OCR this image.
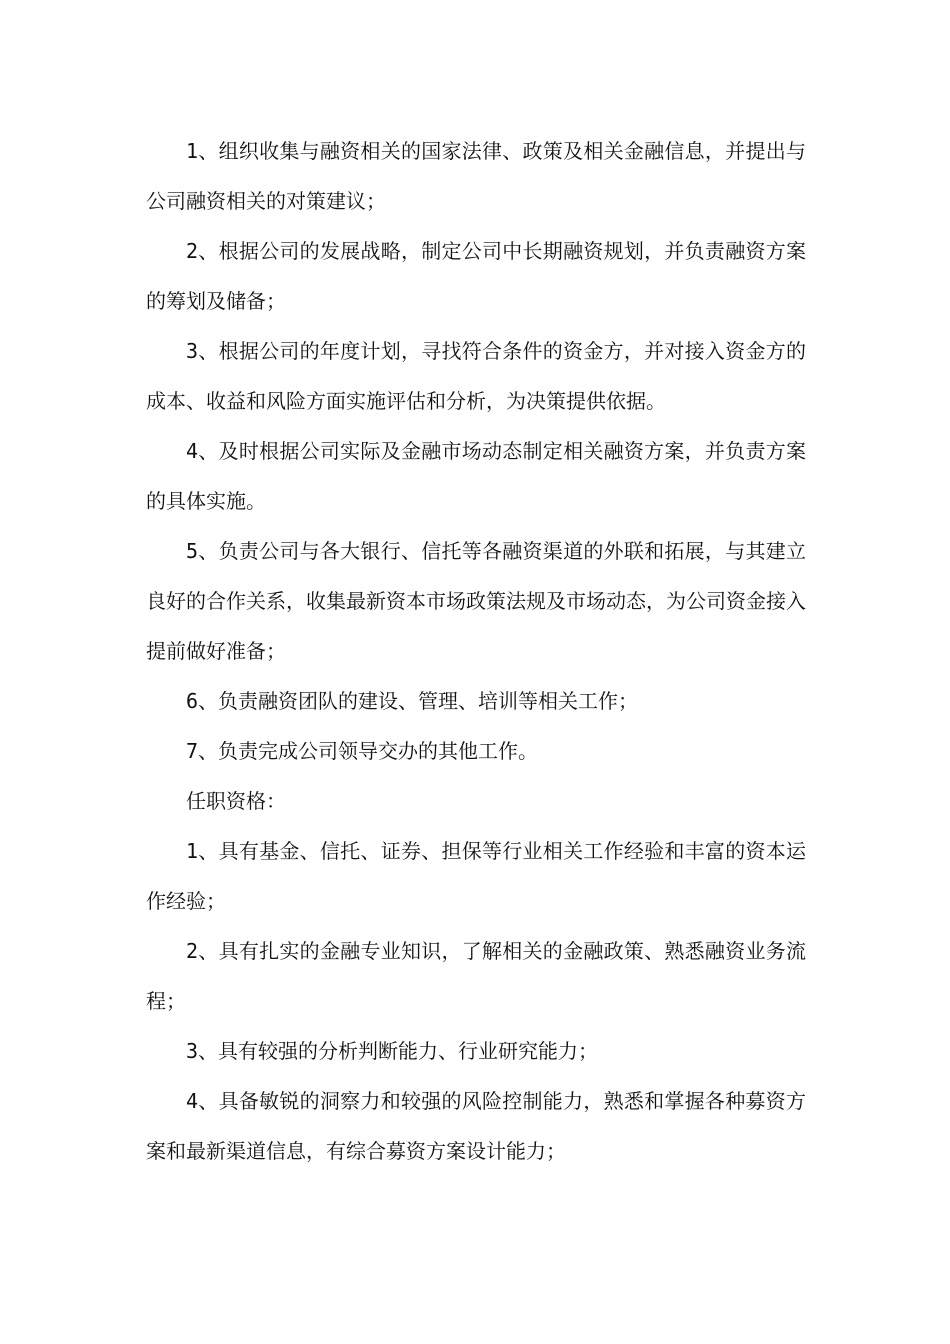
1、组织收集与融资相关的国家法律、政策及相关金融信息，并提出与公司融资相关的对策建议；

2、根据公司的发展战略，制定公司中长期融资规划，并负责融资方案的筹划及储备；

3、根据公司的年度计划，寻找符合条件的资金方，并对接入资金方的成本、收益和风险方面实施评估和分析，为决策提供依据。

4、及时根据公司实际及金融市场动态制定相关融资方案，并负责方案的具体实施。

5、负责公司与各大银行、信托等各融资渠道的外联和拓展，与其建立良好的合作关系，收集最新资本市场政策法规及市场动态，为公司资金接入提前做好准备；

6、负责融资团队的建设、管理、培训等相关工作；

7、负责完成公司领导交办的其他工作。

任职资格：

1、具有基金、信托、证券、担保等行业相关工作经验和丰富的资本运作经验；

2、具有扎实的金融专业知识，了解相关的金融政策、熟悉融资业务流程；

3、具有较强的分析判断能力、行业研究能力；

4、具备敏锐的洞察力和较强的风险控制能力，熟悉和掌握各种募资方案和最新渠道信息，有综合募资方案设计能力；
